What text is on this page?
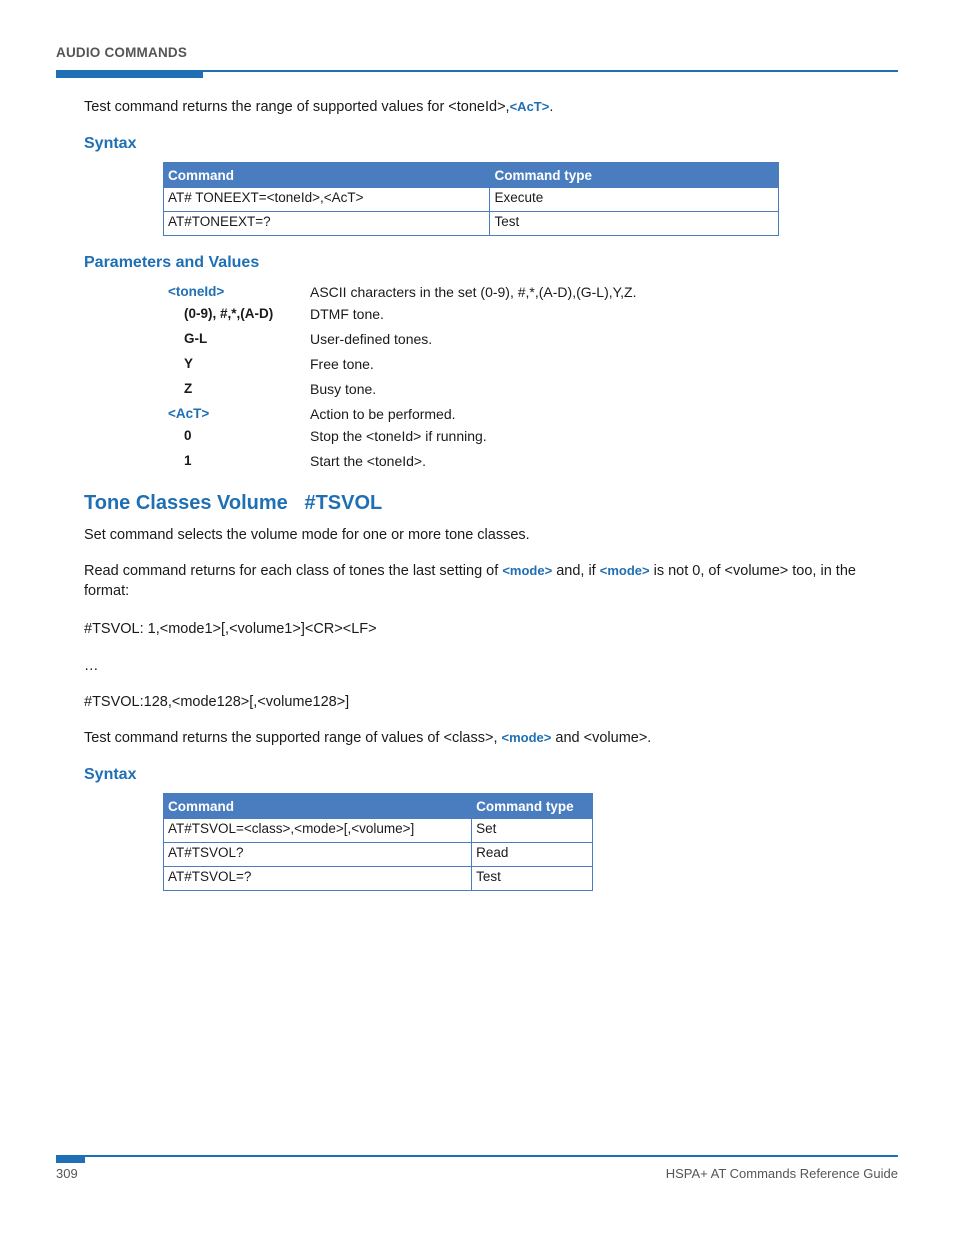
AUDIO COMMANDS
Test command returns the range of supported values for <toneId>,<AcT>.
Syntax
Command	Command type
AT# TONEEXT=<toneId>,<AcT>	Execute
AT#TONEEXT=?	Test
Parameters and Values
<toneId>	ASCII characters in the set (0-9), #,*,(A-D),(G-L),Y,Z.
(0-9), #,*,(A-D)	DTMF tone.
G-L	User-defined tones.
Y	Free tone.
Z	Busy tone.
<AcT>	Action to be performed.
0	Stop the <toneId> if running.
1	Start the <toneId>.
Tone Classes Volume   #TSVOL
Set command selects the volume mode for one or more tone classes.
Read command returns for each class of tones the last setting of <mode> and, if <mode> is not 0, of <volume> too, in the format:
#TSVOL: 1,<mode1>[,<volume1>]<CR><LF>
…
#TSVOL:128,<mode128>[,<volume128>]
Test command returns the supported range of values of <class>, <mode> and <volume>.
Syntax
Command	Command type
AT#TSVOL=<class>,<mode>[,<volume>]	Set
AT#TSVOL?	Read
AT#TSVOL=?	Test
309	HSPA+ AT Commands Reference Guide
